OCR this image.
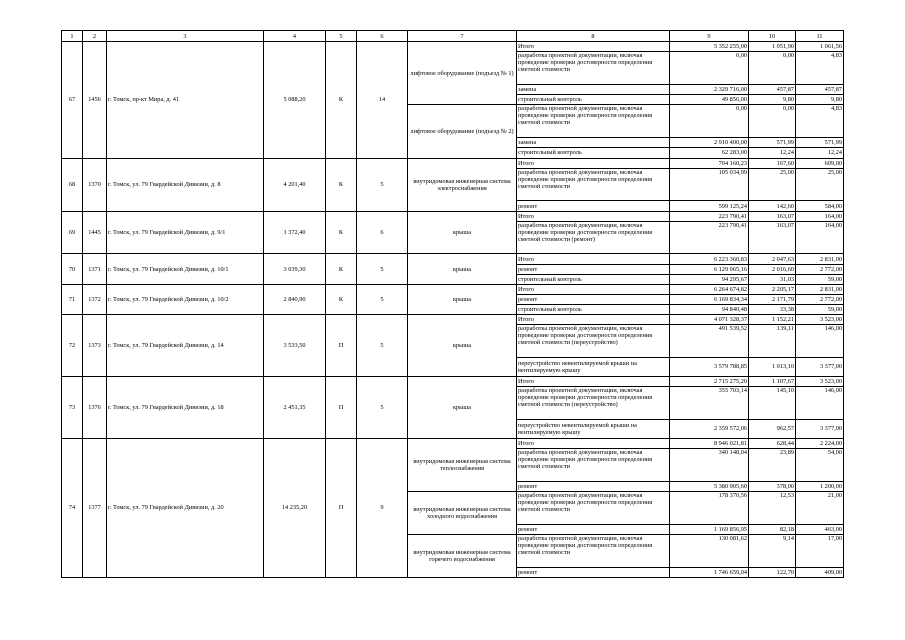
1	2	3	4	5	6	7	8	9	10	11
67	1456	г. Томск, пр-кт Мира, д. 41	5 088,20	К	14	лифтовое оборудование (подъезд № 1)	Итого	5 352 255,00	1 051,90	1 061,56
							разработка проектной документации, включая проведение проверки достоверности определения сметной стоимости	0,00	0,00	4,83
							замена	2 329 716,00	457,87	457,87
							строительный контроль	49 856,00	9,80	9,80
						лифтовое оборудование (подъезд № 2)	разработка проектной документации, включая проведение проверки достоверности определения сметной стоимости	0,00	0,00	4,83
							замена	2 910 400,00	571,99	571,99
							строительный контроль	62 283,00	12,24	12,24
68	1370	г. Томск, ул. 79 Гвардейской Дивизии, д. 8	4 201,40	К	5	внутридомовая инженерная система электроснабжения	Итого	704 160,23	167,60	609,00
							разработка проектной документации, включая проведение проверки достоверности определения сметной стоимости	105 034,99	25,00	25,00
							ремонт	599 125,24	142,60	584,00
69	1445	г. Томск, ул. 79 Гвардейской Дивизии, д. 9/1	1 372,40	К	6	крыша	Итого	223 790,41	163,07	164,00
							разработка проектной документации, включая проведение проверки достоверности определения сметной стоимости (ремонт)	223 790,41	163,07	164,00
70	1371	г. Томск, ул. 79 Гвардейской Дивизии, д. 10/1	3 039,30	К	5	крыша	Итого	6 223 360,83	2 047,63	2 831,00
							ремонт	6 129 065,16	2 016,60	2 772,00
							строительный контроль	94 295,67	31,03	59,00
71	1372	г. Томск, ул. 79 Гвардейской Дивизии, д. 10/2	2 840,90	К	5	крыша	Итого	6 264 674,82	2 205,17	2 831,00
							ремонт	6 169 834,34	2 171,79	2 772,00
							строительный контроль	94 840,48	33,38	59,00
72	1373	г. Томск, ул. 79 Гвардейской Дивизии, д. 14	3 533,50	П	5	крыша	Итого	4 071 328,37	1 152,21	3 523,00
							разработка проектной документации, включая проведение проверки достоверности определения сметной стоимости (переустройство)	491 539,52	139,11	146,00
							переустройство невентилируемой крыши на вентилируемую крышу	3 579 788,85	1 013,10	3 377,00
73	1376	г. Томск, ул. 79 Гвардейской Дивизии, д. 18	2 451,35	П	5	крыша	Итого	2 715 275,20	1 107,67	3 523,00
							разработка проектной документации, включая проведение проверки достоверности определения сметной стоимости (переустройство)	355 703,14	145,10	146,00
							переустройство невентилируемой крыши на вентилируемую крышу	2 359 572,06	962,57	3 377,00
74	1377	г. Томск, ул. 79 Гвардейской Дивизии, д. 20	14 235,20	П	9	внутридомовая инженерная система теплоснабжения	Итого	8 946 021,81	628,44	2 224,00
							разработка проектной документации, включая проведение проверки достоверности определения сметной стоимости	340 148,04	23,89	54,00
							ремонт	5 380 905,60	378,00	1 200,00
						внутридомовая инженерная система холодного водоснабжения	разработка проектной документации, включая проведение проверки достоверности определения сметной стоимости	178 370,56	12,53	21,00
							ремонт	1 169 856,95	82,18	463,00
						внутридомовая инженерная система горячего водоснабжения	разработка проектной документации, включая проведение проверки достоверности определения сметной стоимости	130 081,62	9,14	17,00
							ремонт	1 746 659,04	122,70	409,00
